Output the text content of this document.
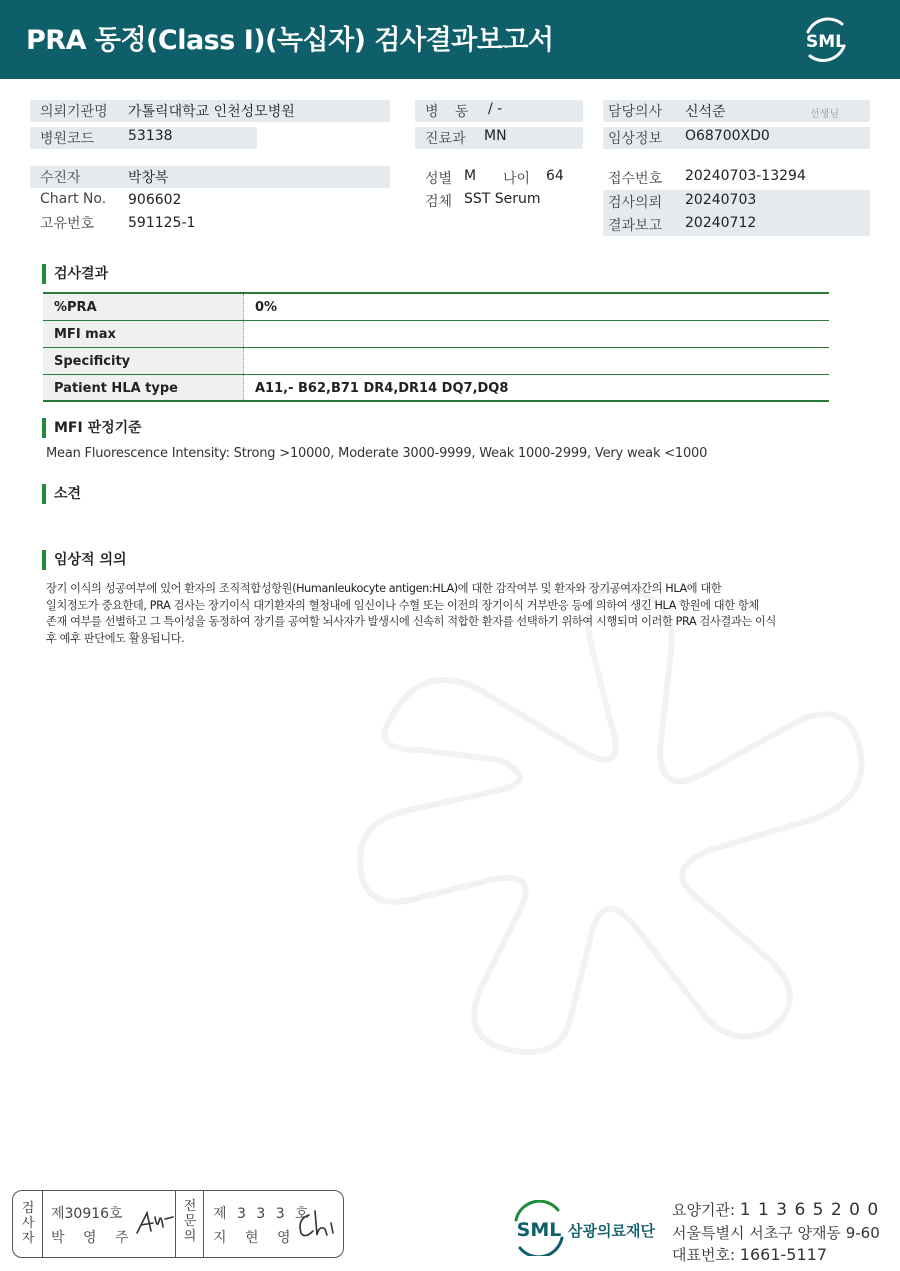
PRA 동정(Class I)(녹십자) 검사결과보고서	SML
의뢰기관명 가톨릭대학교 인천성모병원
병원코드 53138
병 동 / -
진료과 MN
담당의사 신석준	선생님
임상정보 O68700XD0
수진자	박창복
Chart No. 906602
고유번호 591125-1
성별 M 나이 64
검체 SST Serum
접수번호 20240703-13294
검사의뢰 20240703
결과보고 20240712
검사결과
%PRA	0%
MFI max
Specificity
Patient HLA type	A11,- B62,B71 DR4,DR14 DQ7,DQ8
MFI 판정기준
Mean Fluorescence Intensity: Strong >10000, Moderate 3000-9999, Weak 1000-2999, Very weak <1000
소견
임상적 의의
장기 이식의 성공여부에 있어 환자의 조직적합성항원(Humanleukocyte antigen:HLA)에 대한 감작여부 및 환자와 장기공여자간의 HLA에 대한
일치정도가 중요한데, PRA 검사는 장기이식 대기환자의 혈청내에 임신이나 수혈 또는 이전의 장기이식 거부반응 등에 의하여 생긴 HLA 항원에 대한 항체
존재 여부를 선별하고 그 특이성을 동정하여 장기를 공여할 뇌사자가 발생시에 신속히 적합한 환자를 선택하기 위하여 시행되며 이러한 PRA 검사결과는 이식
후 예후 판단에도 활용됩니다.
검
사
자
제30916호
박 영 주
전
문
의
제 3 3 3 호
지 현 영	SML 삼광의료재단
요양기관: 1 1 3 6 5 2 0 0
서울특별시 서초구 양재동 9-60
대표번호: 1661-5117
